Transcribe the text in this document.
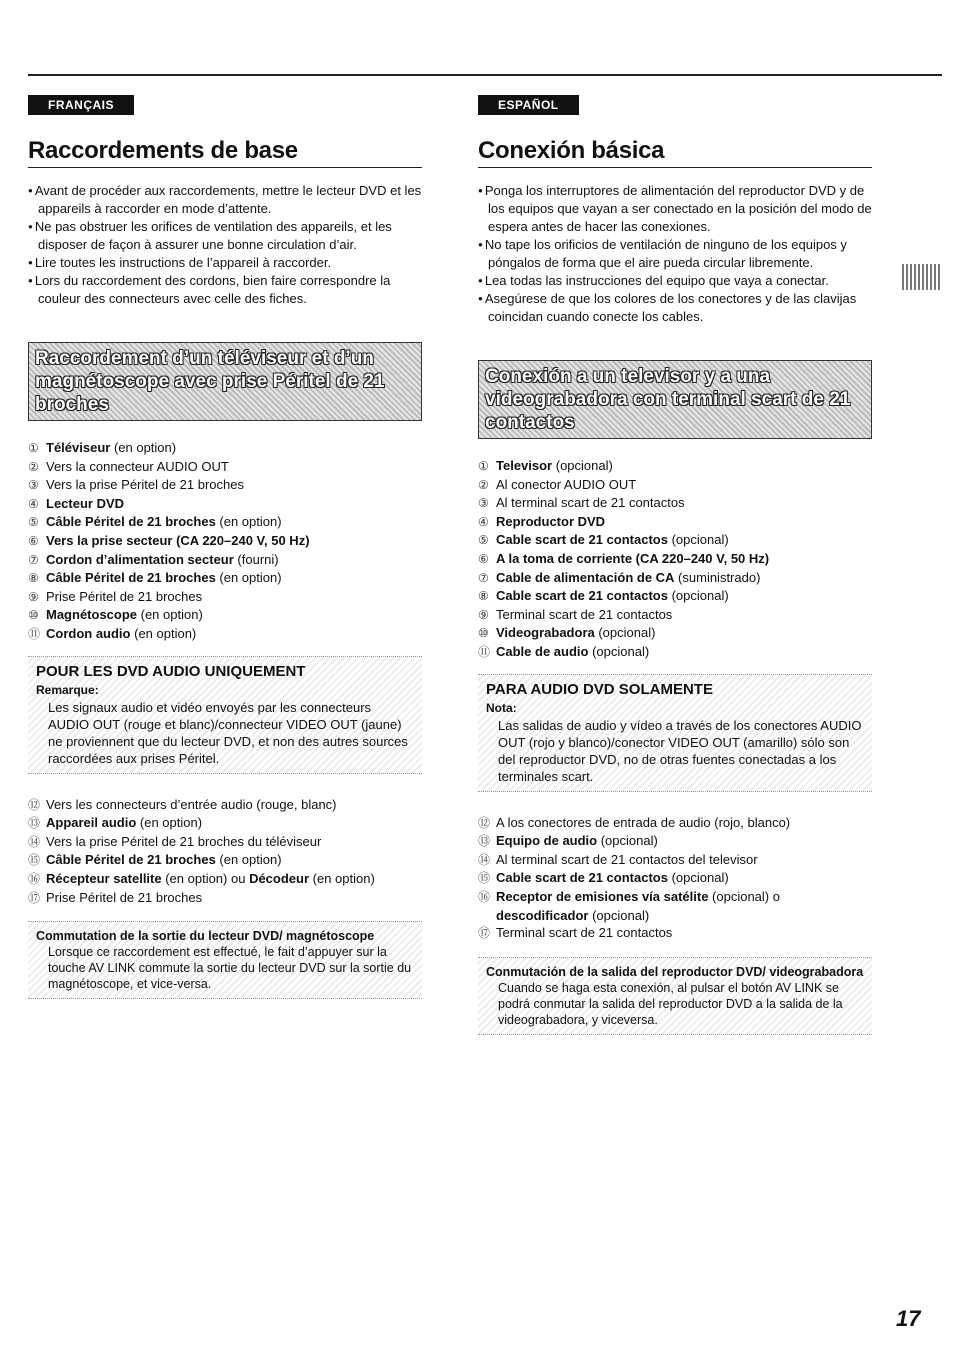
FRANÇAIS
Raccordements de base
● Avant de procéder aux raccordements, mettre le lecteur DVD et les appareils à raccorder en mode d’attente.
● Ne pas obstruer les orifices de ventilation des appareils, et les disposer de façon à assurer une bonne circulation d’air.
● Lire toutes les instructions de l’appareil à raccorder.
● Lors du raccordement des cordons, bien faire correspondre la couleur des connecteurs avec celle des fiches.
Raccordement d’un téléviseur et d’un magnétoscope avec prise Péritel de 21 broches
① Téléviseur (en option)
② Vers la connecteur AUDIO OUT
③ Vers la prise Péritel de 21 broches
④ Lecteur DVD
⑤ Câble Péritel de 21 broches (en option)
⑥ Vers la prise secteur (CA 220–240 V, 50 Hz)
⑦ Cordon d’alimentation secteur (fourni)
⑧ Câble Péritel de 21 broches (en option)
⑨ Prise Péritel de 21 broches
⑩ Magnétoscope (en option)
⑪ Cordon audio (en option)
POUR LES DVD AUDIO UNIQUEMENT
Remarque:
Les signaux audio et vidéo envoyés par les connecteurs AUDIO OUT (rouge et blanc)/connecteur VIDEO OUT (jaune) ne proviennent que du lecteur DVD, et non des autres sources raccordées aux prises Péritel.
⑫ Vers les connecteurs d’entrée audio (rouge, blanc)
⑬ Appareil audio (en option)
⑭ Vers la prise Péritel de 21 broches du téléviseur
⑮ Câble Péritel de 21 broches (en option)
⑯ Récepteur satellite (en option) ou Décodeur (en option)
⑰ Prise Péritel de 21 broches
Commutation de la sortie du lecteur DVD/ magnétoscope
Lorsque ce raccordement est effectué, le fait d’appuyer sur la touche AV LINK commute la sortie du lecteur DVD sur la sortie du magnétoscope, et vice-versa.
ESPAÑOL
Conexión básica
● Ponga los interruptores de alimentación del reproductor DVD y de los equipos que vayan a ser conectado en la posición del modo de espera antes de hacer las conexiones.
● No tape los orificios de ventilación de ninguno de los equipos y póngalos de forma que el aire pueda circular libremente.
● Lea todas las instrucciones del equipo que vaya a conectar.
● Asegúrese de que los colores de los conectores y de las clavijas coincidan cuando conecte los cables.
Conexión a un televisor y a una videograbadora con terminal scart de 21 contactos
① Televisor (opcional)
② Al conector AUDIO OUT
③ Al terminal scart de 21 contactos
④ Reproductor DVD
⑤ Cable scart de 21 contactos (opcional)
⑥ A la toma de corriente (CA 220–240 V, 50 Hz)
⑦ Cable de alimentación de CA (suministrado)
⑧ Cable scart de 21 contactos (opcional)
⑨ Terminal scart de 21 contactos
⑩ Videograbadora (opcional)
⑪ Cable de audio (opcional)
PARA AUDIO DVD SOLAMENTE
Nota:
Las salidas de audio y vídeo a través de los conectores AUDIO OUT (rojo y blanco)/conector VIDEO OUT (amarillo) sólo son del reproductor DVD, no de otras fuentes conectadas a los terminales scart.
⑫ A los conectores de entrada de audio (rojo, blanco)
⑬ Equipo de audio (opcional)
⑭ Al terminal scart de 21 contactos del televisor
⑮ Cable scart de 21 contactos (opcional)
⑯ Receptor de emisiones vía satélite (opcional) o
descodificador (opcional)
⑰ Terminal scart de 21 contactos
Conmutación de la salida del reproductor DVD/ videograbadora
Cuando se haga esta conexión, al pulsar el botón AV LINK se podrá conmutar la salida del reproductor DVD a la salida de la videograbadora, y viceversa.
17
